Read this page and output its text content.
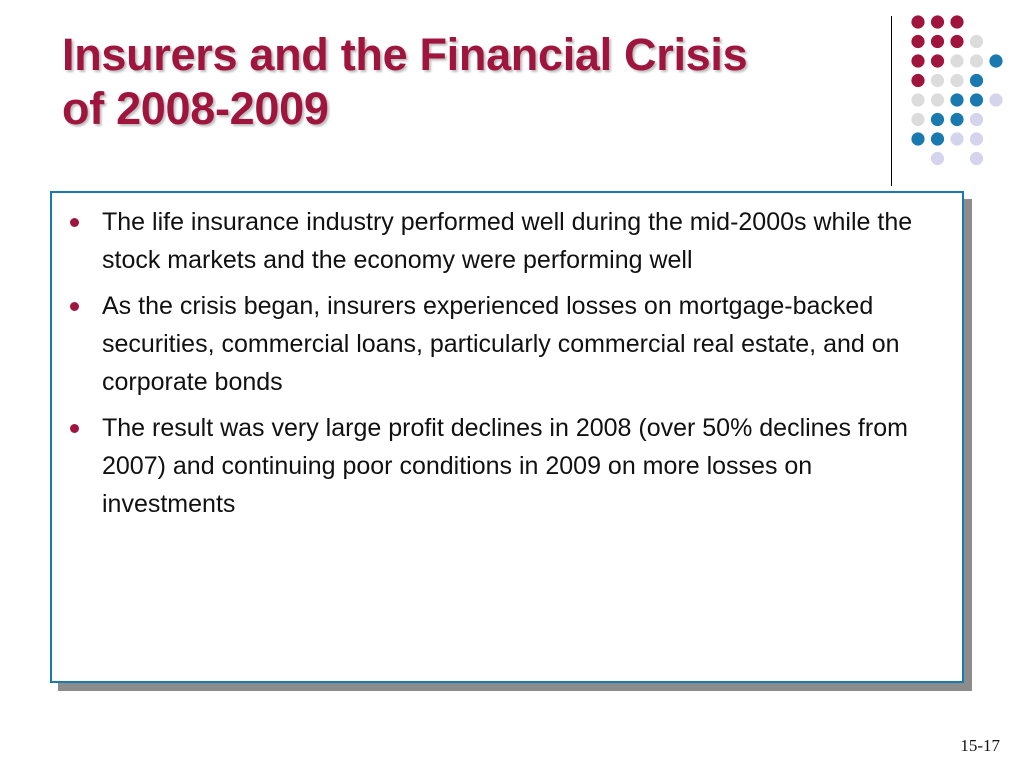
Insurers and the Financial Crisis
of 2008-2009
The life insurance industry performed well during the mid-2000s while the stock markets and the economy were performing well
As the crisis began, insurers experienced losses on mortgage-backed securities, commercial loans, particularly commercial real estate, and on corporate bonds
The result was very large profit declines in 2008 (over 50% declines from 2007) and continuing poor conditions in 2009 on more losses on investments
15-17
